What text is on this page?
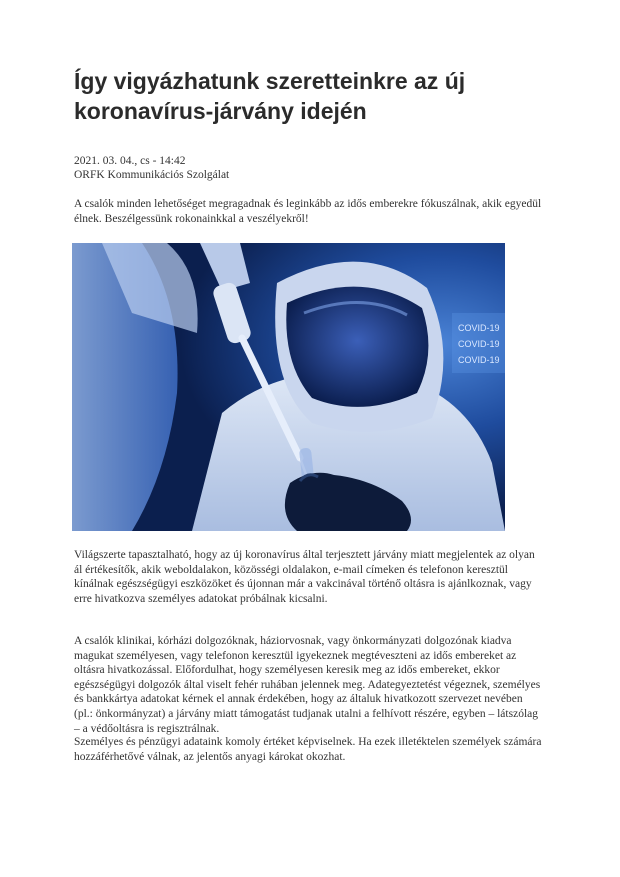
Így vigyázhatunk szeretteinkre az új koronavírus-járvány idején
2021. 03. 04., cs - 14:42
ORFK Kommunikációs Szolgálat

A csalók minden lehetőséget megragadnak és leginkább az idős emberekre fókuszálnak, akik egyedül élnek. Beszélgessünk rokonainkkal a veszélyekről!

COVID-19
COVID-19
COVID-19

Világszerte tapasztalható, hogy az új koronavírus által terjesztett járvány miatt megjelentek az olyan ál értékesítők, akik weboldalakon, közösségi oldalakon, e-mail címeken és telefonon keresztül kínálnak egészségügyi eszközöket és újonnan már a vakcinával történő oltásra is ajánlkoznak, vagy erre hivatkozva személyes adatokat próbálnak kicsalni.

A csalók klinikai, kórházi dolgozóknak, háziorvosnak, vagy önkormányzati dolgozónak kiadva magukat személyesen, vagy telefonon keresztül igyekeznek megtéveszteni az idős embereket az oltásra hivatkozással. Előfordulhat, hogy személyesen keresik meg az idős embereket, ekkor egészségügyi dolgozók által viselt fehér ruhában jelennek meg. Adategyeztetést végeznek, személyes és bankkártya adatokat kérnek el annak érdekében, hogy az általuk hivatkozott szervezet nevében (pl.: önkormányzat) a járvány miatt támogatást tudjanak utalni a felhívott részére, egyben – látszólag – a védőoltásra is regisztrálnak.

Személyes és pénzügyi adataink komoly értéket képviselnek. Ha ezek illetéktelen személyek számára hozzáférhetővé válnak, az jelentős anyagi károkat okozhat.
